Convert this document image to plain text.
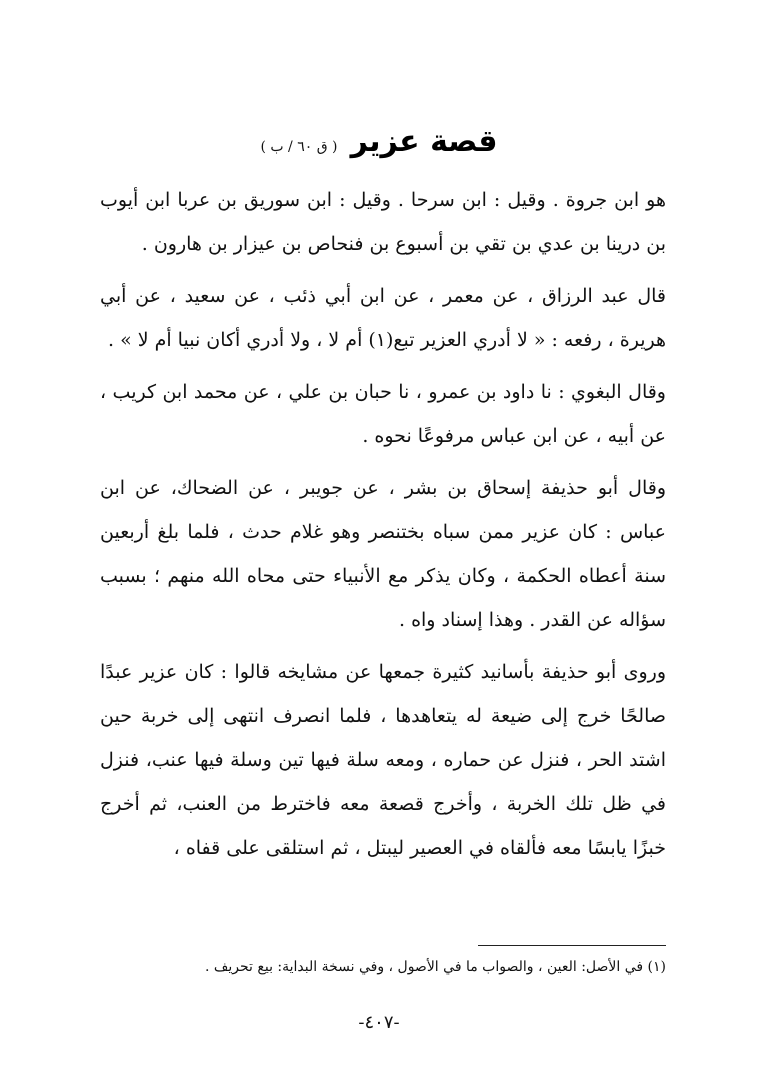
قصة عزير ( ق ٦٠ / ب )

هو ابن جروة . وقيل : ابن سرحا . وقيل : ابن سوريق بن عربا ابن أيوب بن درينا بن عدي بن تقي بن أسبوع بن فنحاص بن عيزار بن هارون .

قال عبد الرزاق ، عن معمر ، عن ابن أبي ذئب ، عن سعيد ، عن أبي هريرة ، رفعه : « لا أدري العزير تبع(١) أم لا ، ولا أدري أكان نبيا أم لا » .

وقال البغوي : نا داود بن عمرو ، نا حبان بن علي ، عن محمد ابن كريب ، عن أبيه ، عن ابن عباس مرفوعًا نحوه .

وقال أبو حذيفة إسحاق بن بشر ، عن جويبر ، عن الضحاك، عن ابن عباس : كان عزير ممن سباه بختنصر وهو غلام حدث ، فلما بلغ أربعين سنة أعطاه الحكمة ، وكان يذكر مع الأنبياء حتى محاه الله منهم ؛ بسبب سؤاله عن القدر . وهذا إسناد واه .

وروى أبو حذيفة بأسانيد كثيرة جمعها عن مشايخه قالوا : كان عزير عبدًا صالحًا خرج إلى ضيعة له يتعاهدها ، فلما انصرف انتهى إلى خربة حين اشتد الحر ، فنزل عن حماره ، ومعه سلة فيها تين وسلة فيها عنب، فنزل في ظل تلك الخربة ، وأخرج قصعة معه فاخترط من العنب، ثم أخرج خبزًا يابسًا معه فألقاه في العصير ليبتل ، ثم استلقى على قفاه ،

(١) في الأصل: العين ، والصواب ما في الأصول ، وفي نسخة البداية: بيع تحريف .
-٤٠٧-
